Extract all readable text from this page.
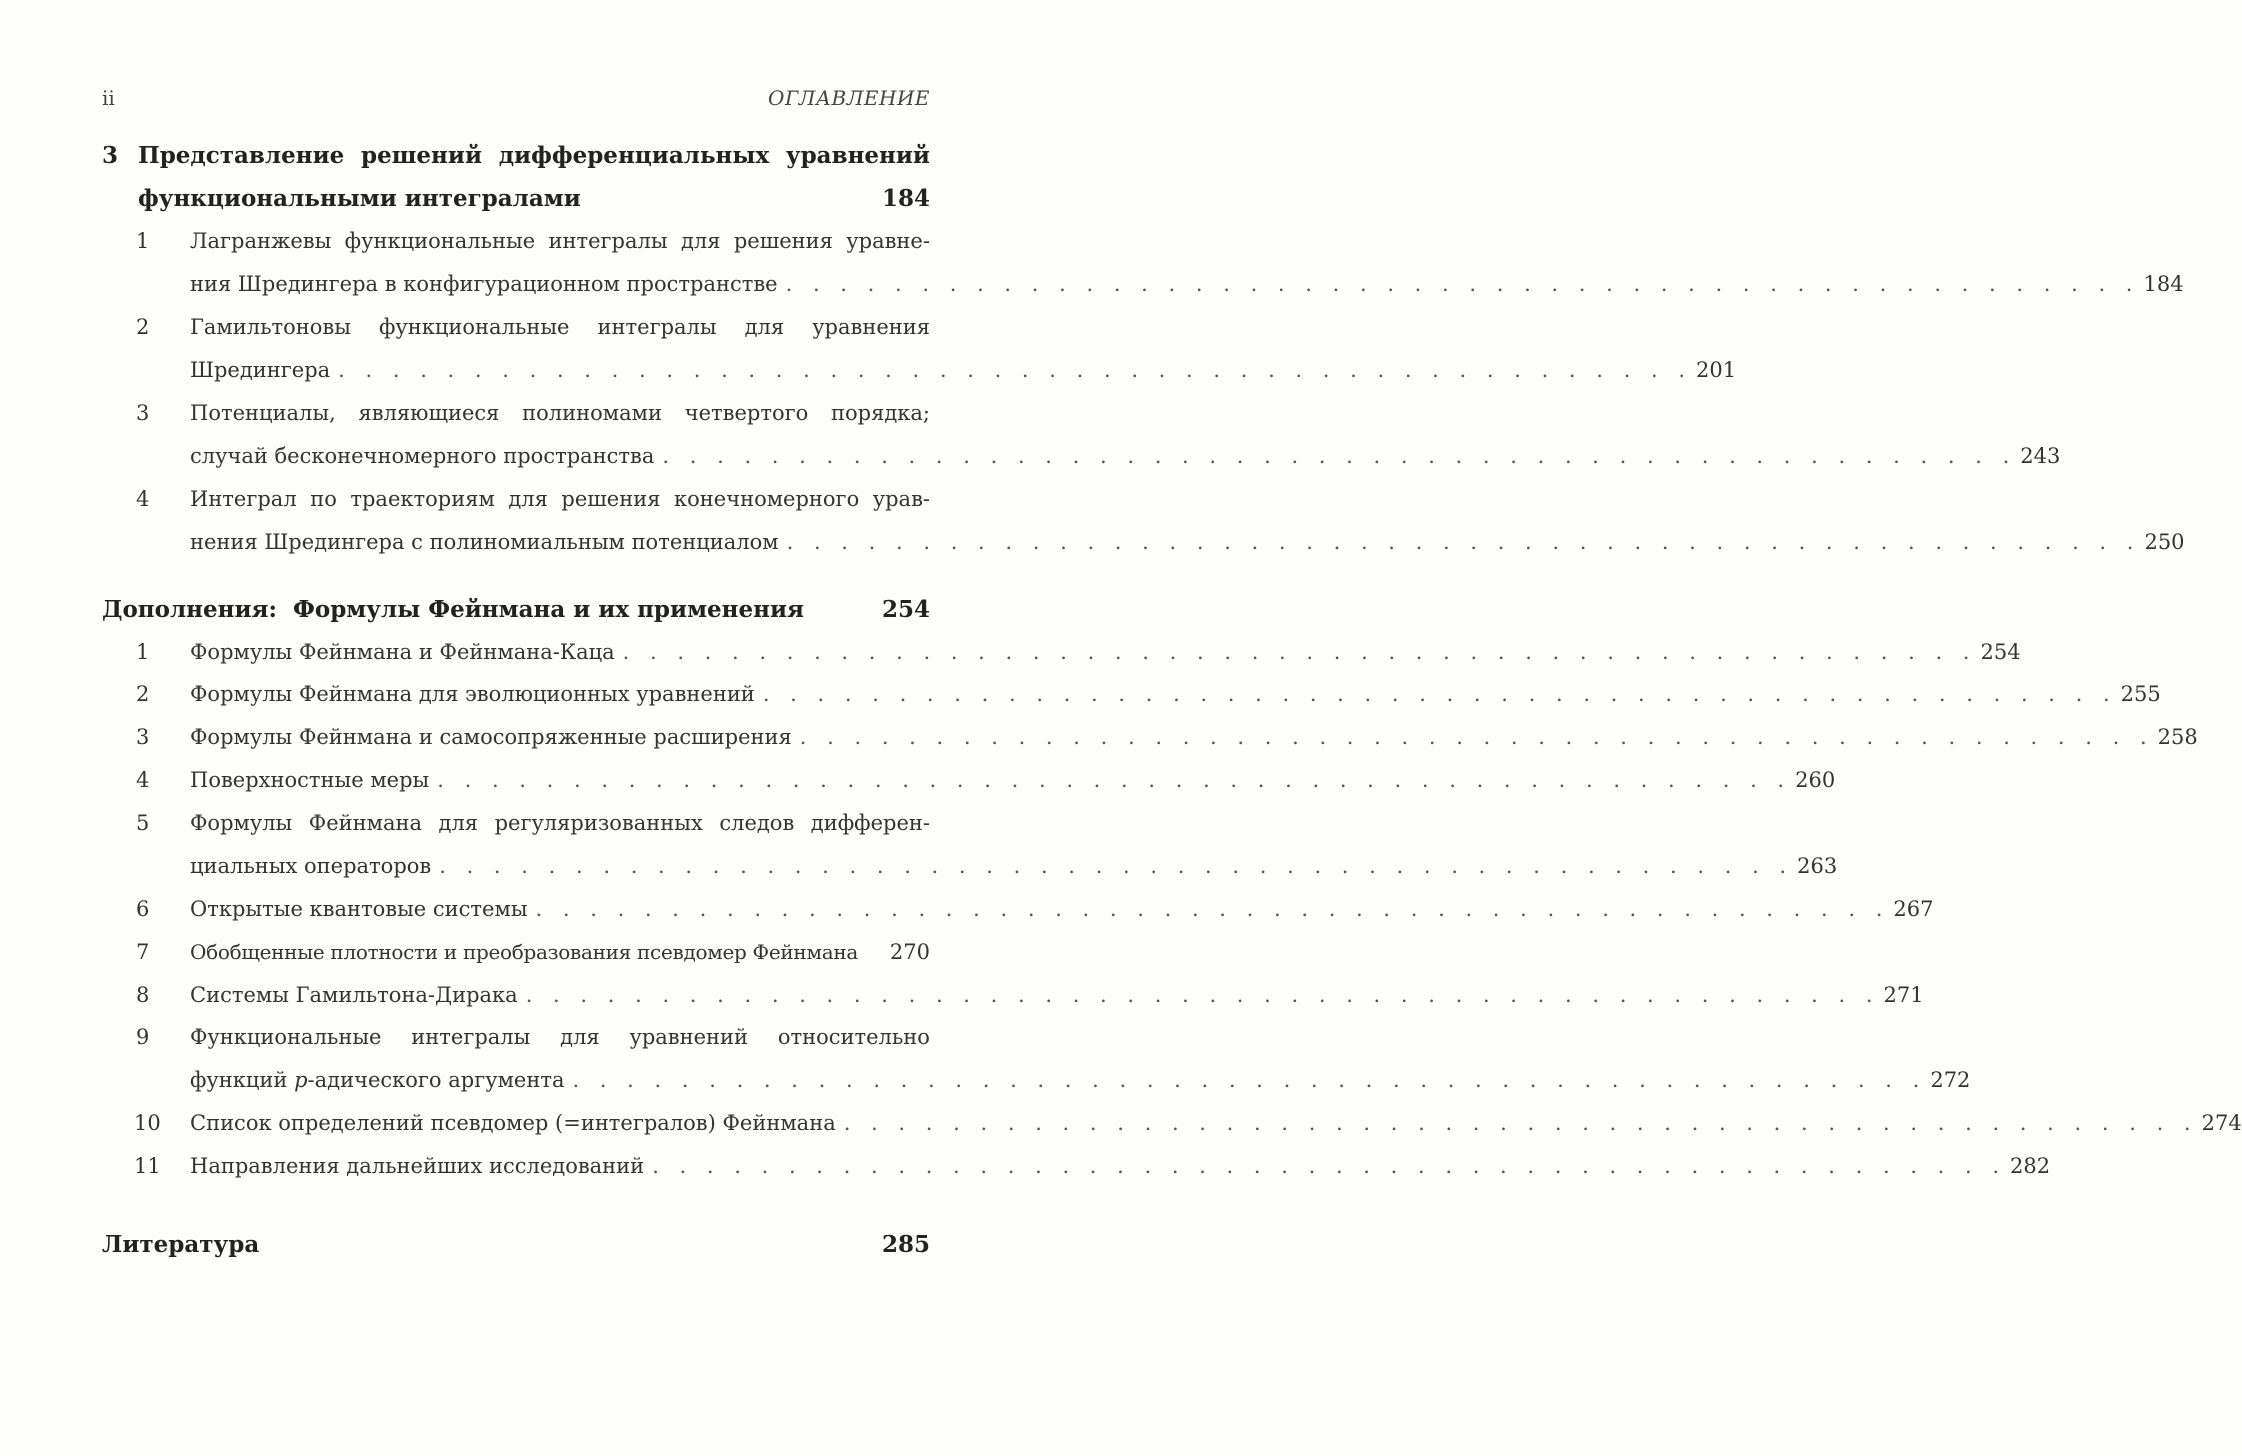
ii	ОГЛАВЛЕНИЕ
3 Представление решений дифференциальных уравнений
функциональными интегралами	184
1	Лагранжевы функциональные интегралы для решения уравне-
ния Шредингера в конфигурационном пространстве . . . . . . . . . . . . . . . . . . . . . . . . . . . . . . . . . . . . . . . . . . . . . . . . . . 184
2	Гамильтоновы функциональные интегралы для уравнения
Шредингера . . . . . . . . . . . . . . . . . . . . . . . . . . . . . . . . . . . . . . . . . . . . . . . . . . 201
3	Потенциалы, являющиеся полиномами четвертого порядка;
случай бесконечномерного пространства . . . . . . . . . . . . . . . . . . . . . . . . . . . . . . . . . . . . . . . . . . . . . . . . . . 243
4	Интеграл по траекториям для решения конечномерного урав-
нения Шредингера с полиномиальным потенциалом . . . . . . . . . . . . . . . . . . . . . . . . . . . . . . . . . . . . . . . . . . . . . . . . . . 250
Дополнения:  Формулы Фейнмана и их применения	254
1	Формулы Фейнмана и Фейнмана-Каца . . . . . . . . . . . . . . . . . . . . . . . . . . . . . . . . . . . . . . . . . . . . . . . . . . 254
2	Формулы Фейнмана для эволюционных уравнений . . . . . . . . . . . . . . . . . . . . . . . . . . . . . . . . . . . . . . . . . . . . . . . . . . 255
3	Формулы Фейнмана и самосопряженные расширения . . . . . . . . . . . . . . . . . . . . . . . . . . . . . . . . . . . . . . . . . . . . . . . . . . 258
4	Поверхностные меры . . . . . . . . . . . . . . . . . . . . . . . . . . . . . . . . . . . . . . . . . . . . . . . . . . 260
5	Формулы Фейнмана для регуляризованных следов дифферен-
циальных операторов . . . . . . . . . . . . . . . . . . . . . . . . . . . . . . . . . . . . . . . . . . . . . . . . . . 263
6	Открытые квантовые системы . . . . . . . . . . . . . . . . . . . . . . . . . . . . . . . . . . . . . . . . . . . . . . . . . . 267
7	Обобщенные плотности и преобразования псевдомер Фейнмана 270
8	Системы Гамильтона-Дирака . . . . . . . . . . . . . . . . . . . . . . . . . . . . . . . . . . . . . . . . . . . . . . . . . . 271
9	Функциональные интегралы для уравнений относительно
функций p-адического аргумента . . . . . . . . . . . . . . . . . . . . . . . . . . . . . . . . . . . . . . . . . . . . . . . . . . 272
10	Список определений псевдомер (=интегралов) Фейнмана . . . . . . . . . . . . . . . . . . . . . . . . . . . . . . . . . . . . . . . . . . . . . . . . . . 274
11	Направления дальнейших исследований . . . . . . . . . . . . . . . . . . . . . . . . . . . . . . . . . . . . . . . . . . . . . . . . . . 282
Литература	285
